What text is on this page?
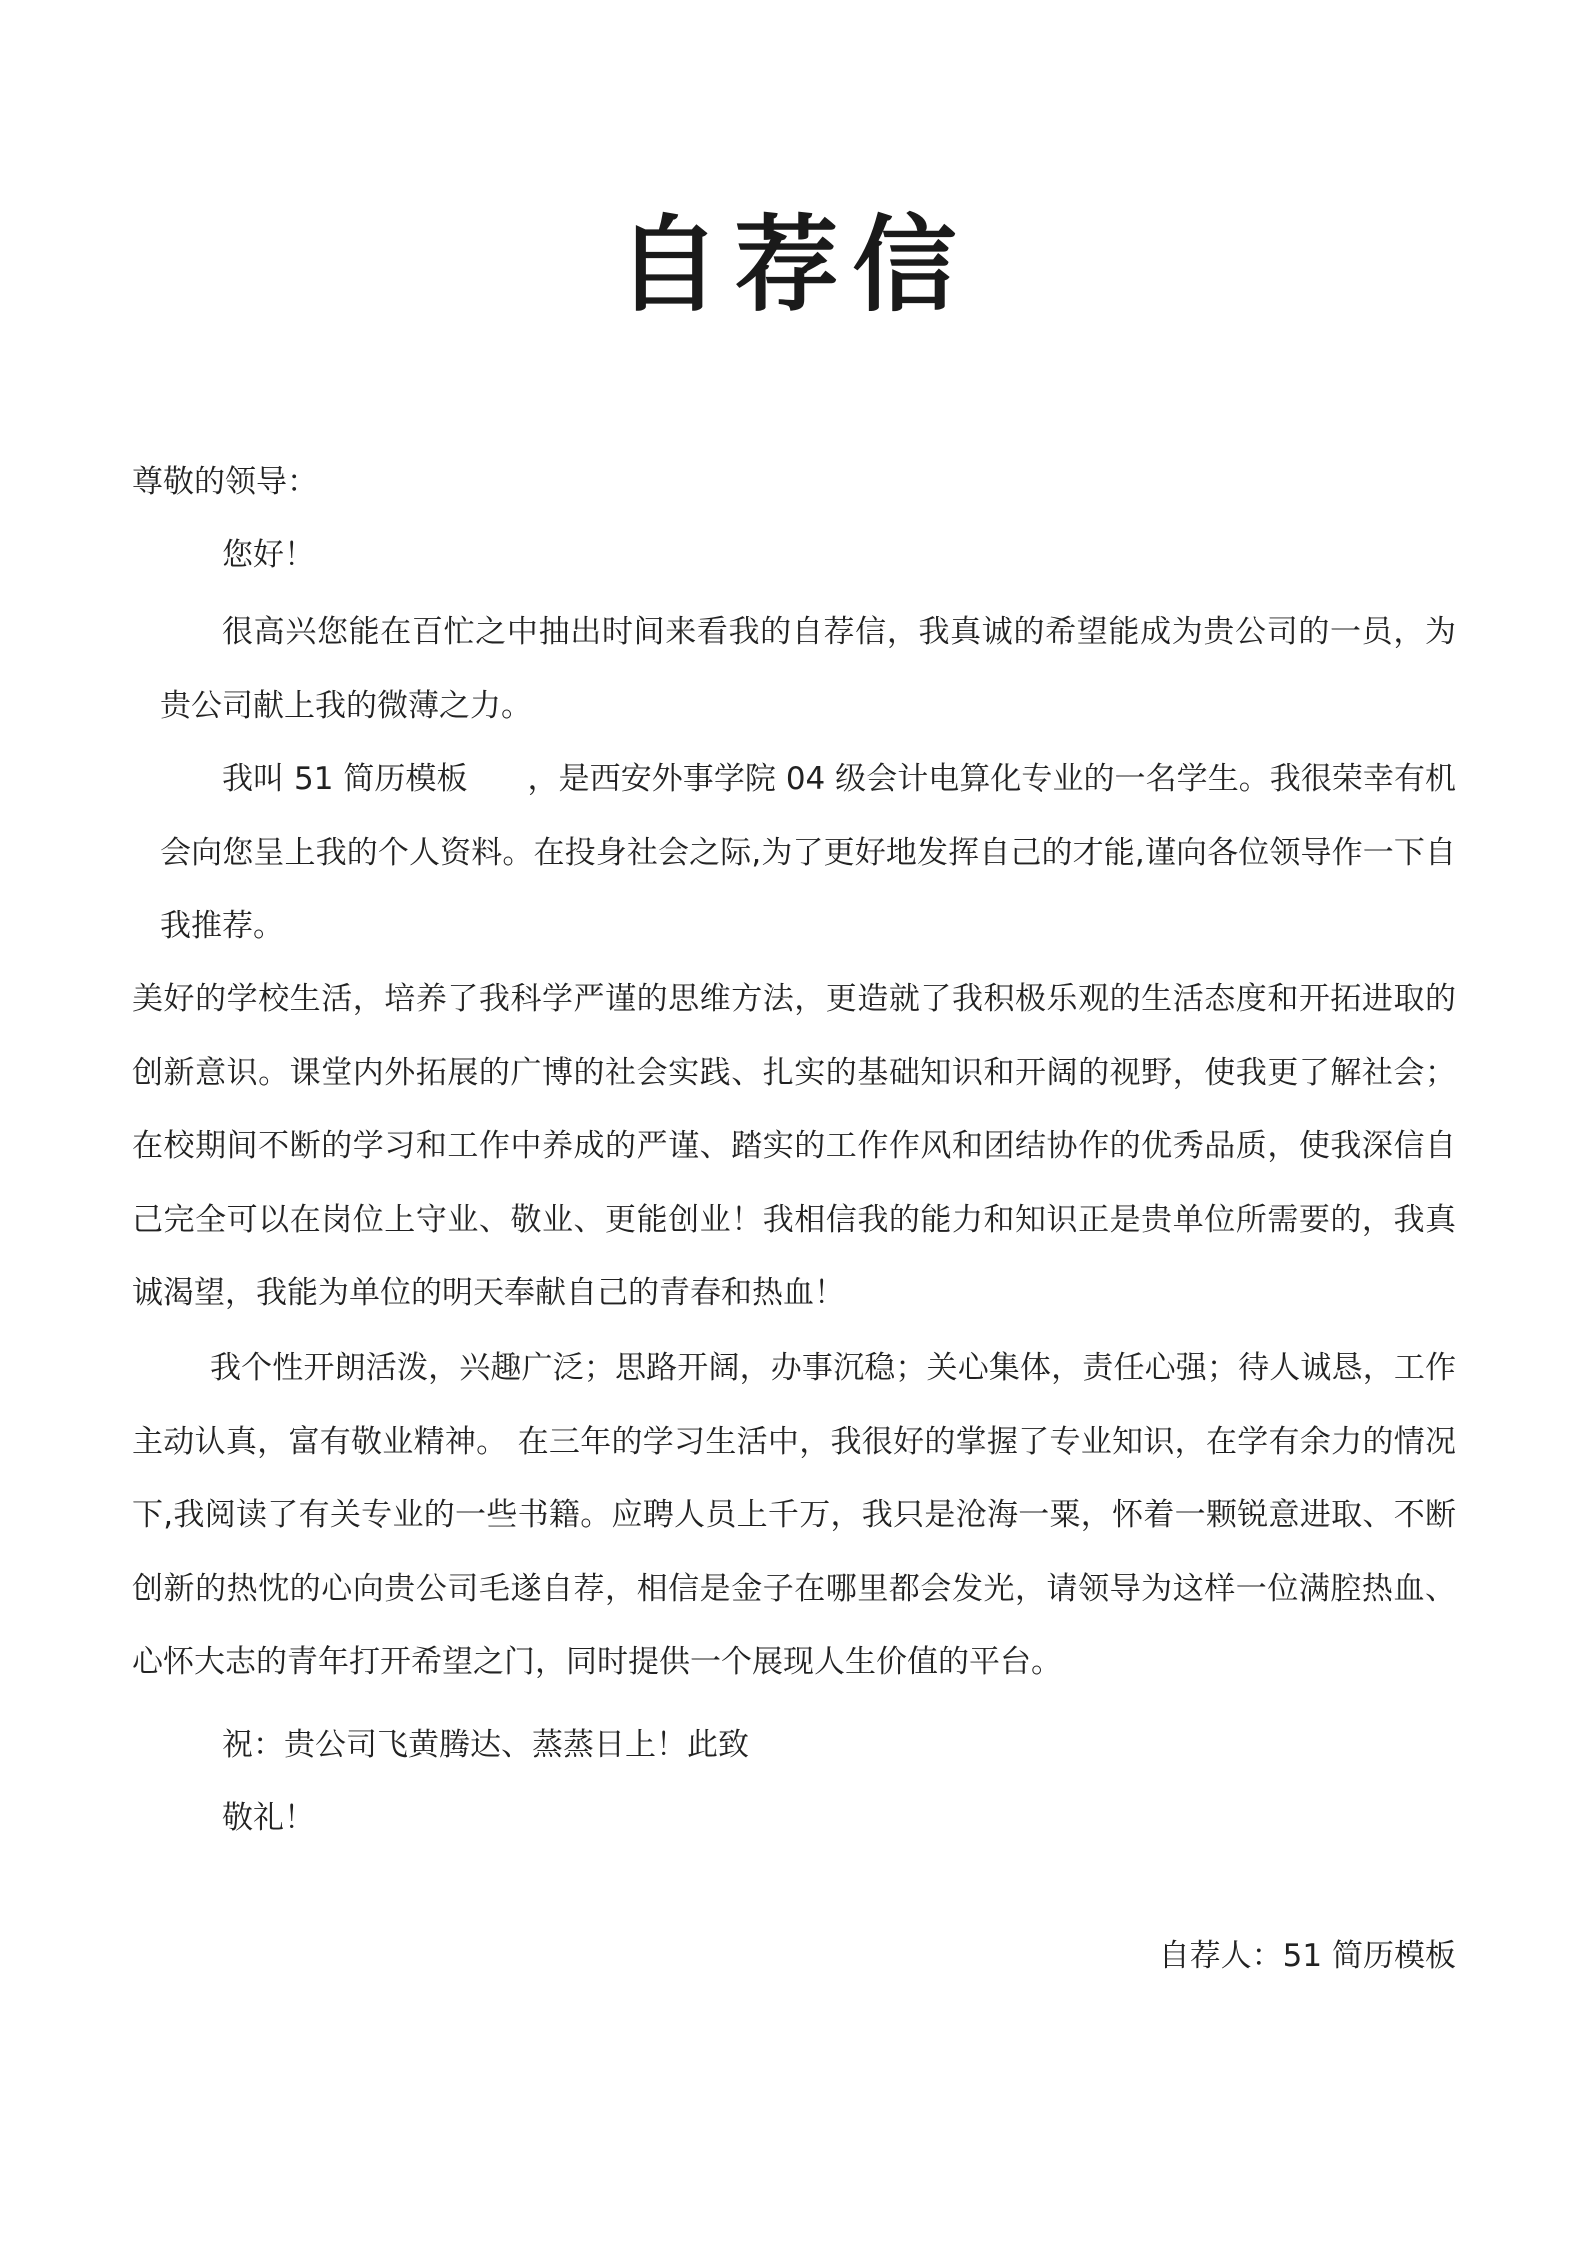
自荐信
尊敬的领导：
您好！
很高兴您能在百忙之中抽出时间来看我的自荐信，我真诚的希望能成为贵公司的一员，为贵公司献上我的微薄之力。
我叫 51 简历模板 ，是西安外事学院 04 级会计电算化专业的一名学生。我很荣幸有机会向您呈上我的个人资料。在投身社会之际,为了更好地发挥自己的才能,谨向各位领导作一下自我推荐。
美好的学校生活，培养了我科学严谨的思维方法，更造就了我积极乐观的生活态度和开拓进取的创新意识。课堂内外拓展的广博的社会实践、扎实的基础知识和开阔的视野，使我更了解社会；在校期间不断的学习和工作中养成的严谨、踏实的工作作风和团结协作的优秀品质，使我深信自己完全可以在岗位上守业、敬业、更能创业！我相信我的能力和知识正是贵单位所需要的，我真诚渴望，我能为单位的明天奉献自己的青春和热血！
我个性开朗活泼，兴趣广泛；思路开阔，办事沉稳；关心集体，责任心强；待人诚恳，工作主动认真，富有敬业精神。 在三年的学习生活中，我很好的掌握了专业知识，在学有余力的情况下,我阅读了有关专业的一些书籍。应聘人员上千万，我只是沧海一粟，怀着一颗锐意进取、不断创新的热忱的心向贵公司毛遂自荐，相信是金子在哪里都会发光，请领导为这样一位满腔热血、心怀大志的青年打开希望之门，同时提供一个展现人生价值的平台。
祝：贵公司飞黄腾达、蒸蒸日上！此致
敬礼！
自荐人：51 简历模板
